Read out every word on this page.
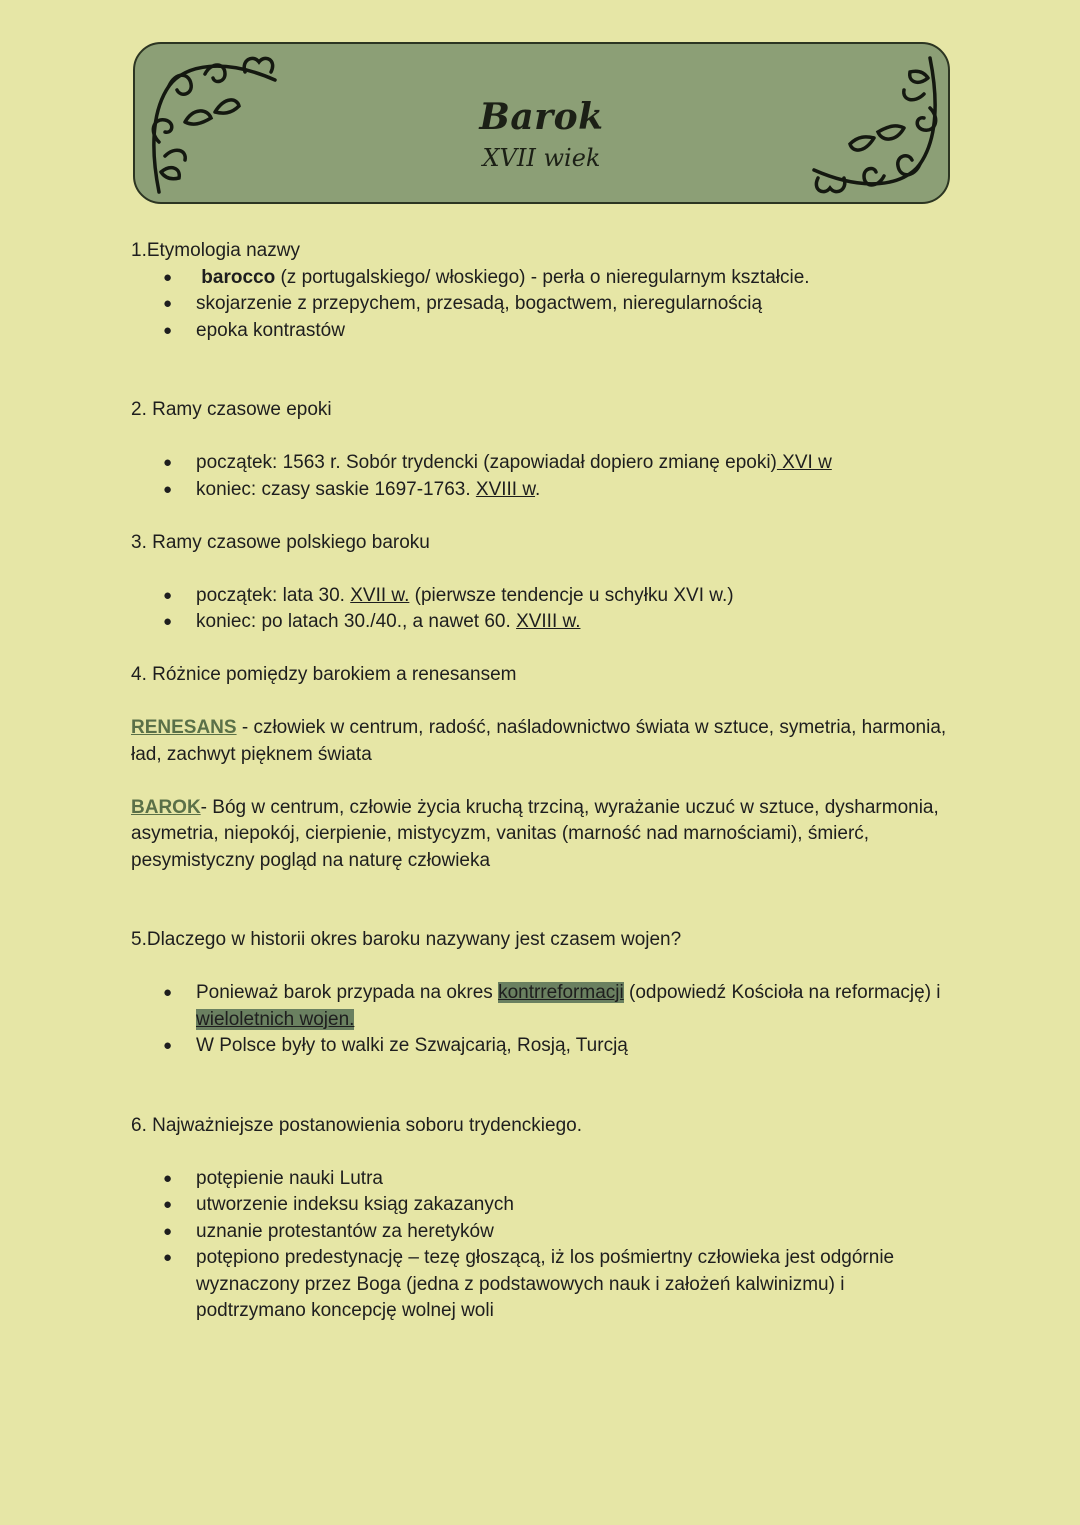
Barok
XVII wiek

1.Etymologia nazwy

● barocco (z portugalskiego/ włoskiego) - perła o nieregularnym kształcie.
● skojarzenie z przepychem, przesadą, bogactwem, nieregularnością
● epoka kontrastów

2. Ramy czasowe epoki

● początek: 1563 r. Sobór trydencki (zapowiadał dopiero zmianę epoki) XVI w
● koniec: czasy saskie 1697-1763. XVIII w.

3. Ramy czasowe polskiego baroku

● początek: lata 30. XVII w. (pierwsze tendencje u schyłku XVI w.)
● koniec: po latach 30./40., a nawet 60. XVIII w.

4. Różnice pomiędzy barokiem a renesansem

RENESANS - człowiek w centrum, radość, naśladownictwo świata w sztuce, symetria, harmonia, ład, zachwyt pięknem świata

BAROK- Bóg w centrum, człowie życia kruchą trzciną, wyrażanie uczuć w sztuce, dysharmonia, asymetria, niepokój, cierpienie, mistycyzm, vanitas (marność nad marnościami), śmierć, pesymistyczny pogląd na naturę człowieka

5.Dlaczego w historii okres baroku nazywany jest czasem wojen?

● Ponieważ barok przypada na okres kontrreformacji (odpowiedź Kościoła na reformację) i wieloletnich wojen.
● W Polsce były to walki ze Szwajcarią, Rosją, Turcją

6. Najważniejsze postanowienia soboru trydenckiego.

● potępienie nauki Lutra
● utworzenie indeksu ksiąg zakazanych
● uznanie protestantów za heretyków
● potępiono predestynację – tezę głoszącą, iż los pośmiertny człowieka jest odgórnie wyznaczony przez Boga (jedna z podstawowych nauk i założeń kalwinizmu) i podtrzymano koncepcję wolnej woli
